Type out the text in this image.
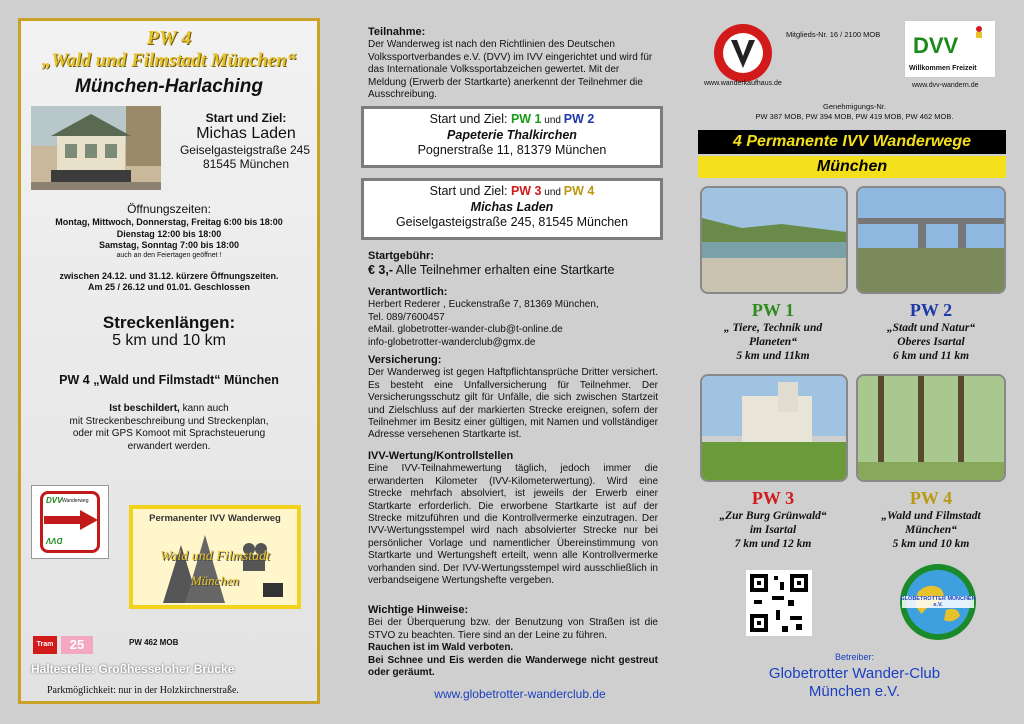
PW 4
„Wald und Filmstadt München“
München-Harlaching
Start und Ziel:
Michas Laden
Geiselgasteigstraße 245
81545 München
Öffnungszeiten:
Montag, Mittwoch, Donnerstag, Freitag 6:00 bis 18:00
Dienstag 12:00 bis 18:00
Samstag, Sonntag 7:00 bis 18:00
auch an den Feiertagen geöffnet !
zwischen 24.12. und 31.12. kürzere Öffnungszeiten.
Am 25 / 26.12 und 01.01. Geschlossen
Streckenlängen:
5 km und 10 km
PW 4 „Wald und Filmstadt“ München
Ist beschildert, kann auch
mit Streckenbeschreibung und Streckenplan,
oder mit GPS Komoot mit Sprachsteuerung
erwandert werden.
DVV Wanderweg
DVV
Permanenter IVV Wanderweg
Wald und Filmstadt
München
Tram	25	PW 462 MOB
Haltestelle: Großhesseloher Brücke
Parkmöglichkeit: nur in der Holzkirchnerstraße.
Teilnahme:
Der Wanderweg ist nach den Richtlinien des Deutschen Volkssportverbandes e.V. (DVV) im IVV eingerichtet und wird für das Internationale Volkssportabzeichen gewertet. Mit der Meldung (Erwerb der Startkarte) anerkennt der Teilnehmer die Ausschreibung.
Start und Ziel: PW 1 und PW 2
Papeterie Thalkirchen
Pognerstraße 11, 81379 München
Start und Ziel: PW 3 und PW 4
Michas Laden
Geiselgasteigstraße 245, 81545 München
Startgebühr:
€ 3,- Alle Teilnehmer erhalten eine Startkarte
Verantwortlich:
Herbert Rederer , Euckenstraße 7, 81369 München,
Tel. 089/7600457
eMail. globetrotter-wander-club@t-online.de
info-globetrotter-wanderclub@gmx.de
Versicherung:
Der Wanderweg ist gegen Haftpflichtansprüche Dritter versichert. Es besteht eine Unfallversicherung für Teilnehmer. Der Versicherungsschutz gilt für Unfälle, die sich zwischen Startzeit und Zielschluss auf der markierten Strecke ereignen, sofern der Teilnehmer im Besitz einer gültigen, mit Namen und vollständiger Adresse versehenen Startkarte ist.
IVV-Wertung/Kontrollstellen
Eine IVV-Teilnahmewertung täglich, jedoch immer die erwanderten Kilometer (IVV-Kilometerwertung). Wird eine Strecke mehrfach absolviert, ist jeweils der Erwerb einer Startkarte erforderlich. Die erworbene Startkarte ist auf der Strecke mitzuführen und die Kontrollvermerke einzutragen. Der IVV-Wertungsstempel wird nach absolvierter Strecke nur bei persönlicher Vorlage und namentlicher Übereinstimmung von Startkarte und Wertungsheft erteilt, wenn alle Kontrollvermerke vorhanden sind. Der IVV-Wertungsstempel wird ausschließlich in verbandseigene Wertungshefte vergeben.
Wichtige Hinweise:
Bei der Überquerung bzw. der Benutzung von Straßen ist die STVO zu beachten. Tiere sind an der Leine zu führen.
Rauchen ist im Wald verboten.
Bei Schnee und Eis werden die Wanderwege nicht gestreut oder geräumt.
www.globetrotter-wanderclub.de
www.wanderkaufhaus.de
Mitglieds-Nr. 16 / 2100 MOB DVV
Willkommen Freizeit
www.dvv-wandern.de
Genehmigungs-Nr.
PW 387 MOB, PW 394 MOB, PW 419 MOB, PW 462 MOB.
4 Permanente IVV Wanderwege
München
PW 1
„ Tiere, Technik und Planeten“
5 km und 11km
PW 2
„Stadt und Natur“ Oberes Isartal
6 km und 11 km
PW 3
„Zur Burg Grünwald“ im Isartal
7 km und 12 km
PW 4
„Wald und Filmstadt München“
5 km und 10 km
GLOBETROTTER MÜNCHEN e.V.
Betreiber:
Globetrotter Wander-Club
München e.V.
